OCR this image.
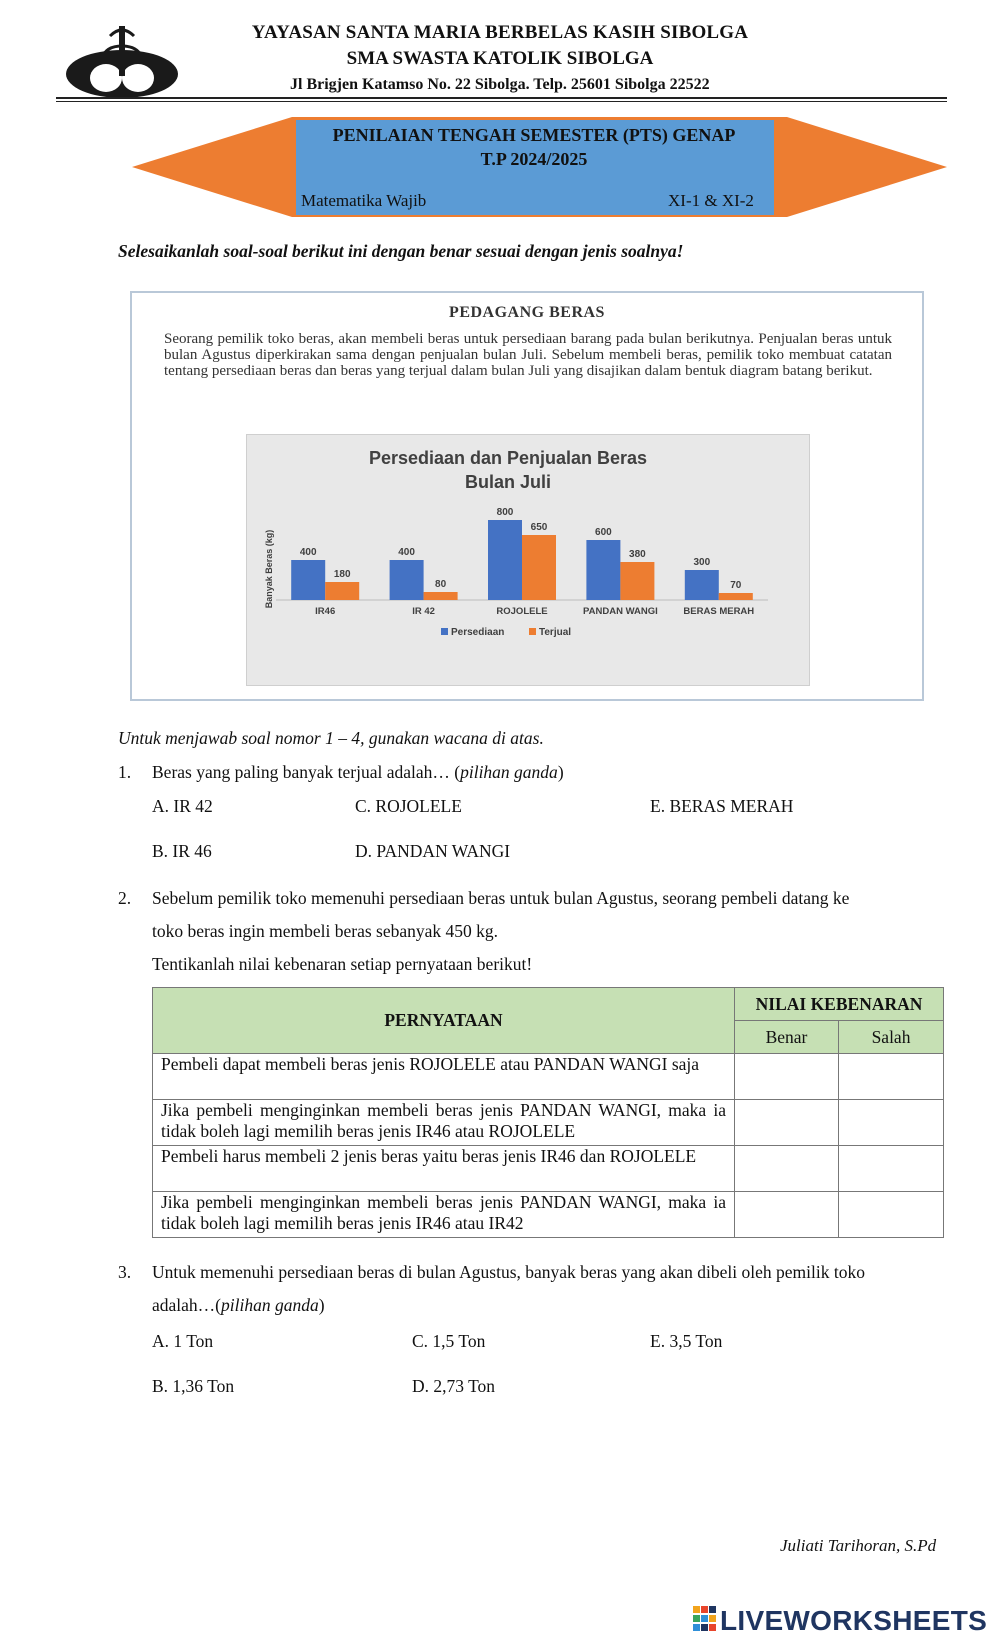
YAYASAN SANTA MARIA BERBELAS KASIH SIBOLGA
SMA SWASTA KATOLIK SIBOLGA
Jl Brigjen Katamso No. 22 Sibolga. Telp. 25601 Sibolga 22522
PENILAIAN TENGAH SEMESTER (PTS) GENAP
T.P 2024/2025
Matematika Wajib	XI-1 & XI-2
Selesaikanlah soal-soal berikut ini dengan benar sesuai dengan jenis soalnya!
PEDAGANG BERAS
Seorang pemilik toko beras, akan membeli beras untuk persediaan barang pada bulan berikutnya. Penjualan beras untuk bulan Agustus diperkirakan sama dengan penjualan bulan Juli. Sebelum membeli beras, pemilik toko membuat catatan tentang persediaan beras dan beras yang terjual dalam bulan Juli yang disajikan dalam bentuk diagram batang berikut.
Persediaan dan Penjualan Beras
Bulan Juli
Banyak Beras (kg)	400
180
IR46
400
80
IR 42
800
650
ROJOLELE
600
380
PANDAN WANGI
300
70
BERAS MERAH
Persediaan	Terjual
Untuk menjawab soal nomor 1 – 4, gunakan wacana di atas.
1. Beras yang paling banyak terjual adalah… (pilihan ganda)
A. IR 42	C. ROJOLELE	E. BERAS MERAH
B. IR 46	D. PANDAN WANGI
2. Sebelum pemilik toko memenuhi persediaan beras untuk bulan Agustus, seorang pembeli datang ke
toko beras ingin membeli beras sebanyak 450 kg.
Tentikanlah nilai kebenaran setiap pernyataan berikut!
PERNYATAAN	NILAI KEBENARAN	
	Benar	Salah
Pembeli dapat membeli beras jenis ROJOLELE atau PANDAN WANGI saja		
Jika pembeli menginginkan membeli beras jenis PANDAN WANGI, maka ia tidak boleh lagi memilih beras jenis IR46 atau ROJOLELE		
Pembeli harus membeli 2 jenis beras yaitu beras jenis IR46 dan ROJOLELE		
Jika pembeli menginginkan membeli beras jenis PANDAN WANGI, maka ia tidak boleh lagi memilih beras jenis IR46 atau IR42		
3. Untuk memenuhi persediaan beras di bulan Agustus, banyak beras yang akan dibeli oleh pemilik toko
adalah…(pilihan ganda)
A. 1 Ton	C. 1,5 Ton	E. 3,5 Ton
B. 1,36 Ton	D. 2,73 Ton
Juliati Tarihoran, S.Pd
LIVEWORKSHEETS
